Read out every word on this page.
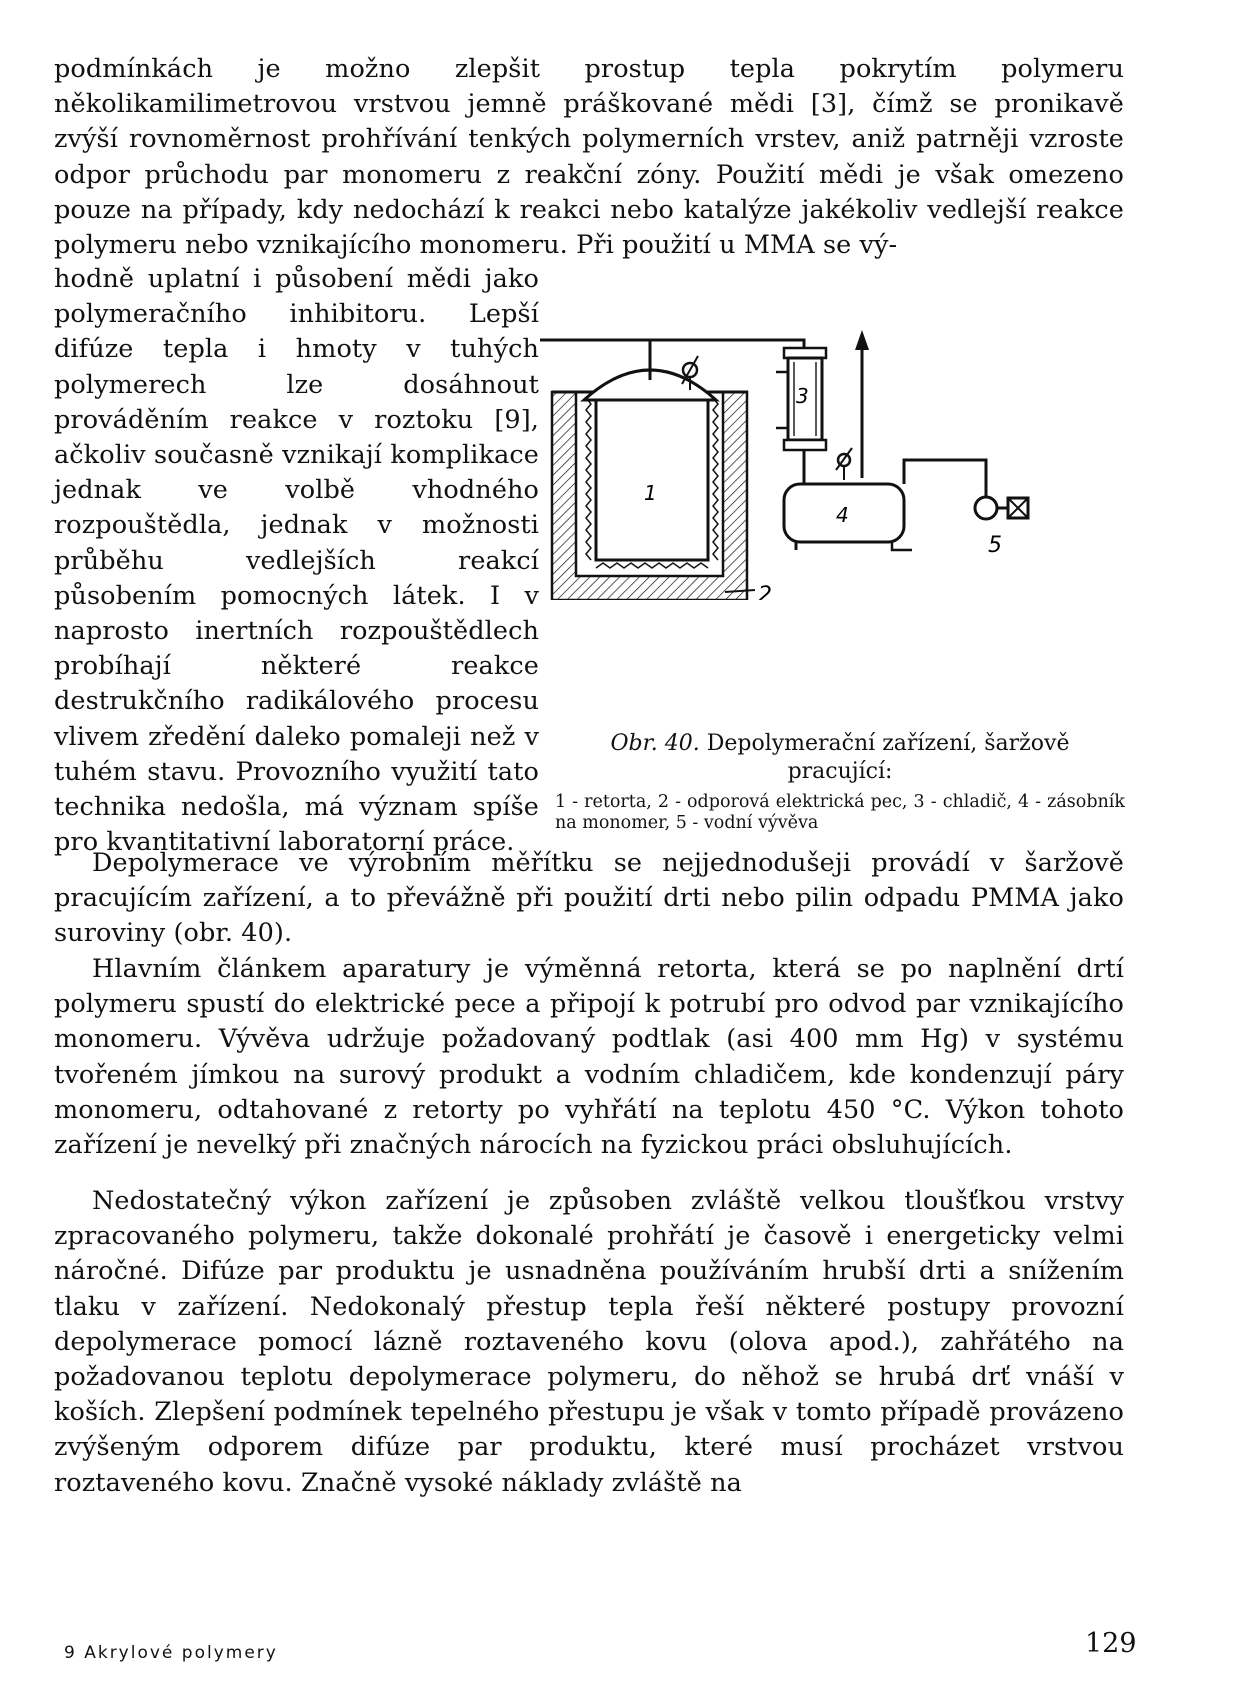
podmínkách je možno zlepšit prostup tepla pokrytím polymeru několikamilimetrovou vrstvou jemně práškované mědi [3], čímž se pronikavě zvýší rovnoměrnost prohřívání tenkých polymerních vrstev, aniž patrněji vzroste odpor průchodu par monomeru z reakční zóny. Použití mědi je však omezeno pouze na případy, kdy nedochází k reakci nebo katalýze jakékoliv vedlejší reakce polymeru nebo vznikajícího monomeru. Při použití u MMA se vý-

hodně uplatní i působení mědi jako polymeračního inhibitoru. Lepší difúze tepla i hmoty v tuhých polymerech lze dosáhnout prováděním reakce v roztoku [9], ačkoliv současně vznikají komplikace jednak ve volbě vhodného rozpouštědla, jednak v možnosti průběhu vedlejších reakcí působením pomocných látek. I v naprosto inertních rozpouštědlech probíhají některé reakce destrukčního radikálového procesu vlivem zředění daleko pomaleji než v tuhém stavu. Provozního využití tato technika nedošla, má význam spíše pro kvantitativní laboratorní práce.

1
2
3
4
5
Obr. 40. Depolymerační zařízení, šaržově pracující:
1 - retorta, 2 - odporová elektrická pec, 3 - chladič, 4 - zásobník na monomer, 5 - vodní vývěva

Depolymerace ve výrobním měřítku se nejjednodušeji provádí v šaržově pracujícím zařízení, a to převážně při použití drti nebo pilin odpadu PMMA jako suroviny (obr. 40).

Hlavním článkem aparatury je výměnná retorta, která se po naplnění drtí polymeru spustí do elektrické pece a připojí k potrubí pro odvod par vznikajícího monomeru. Vývěva udržuje požadovaný podtlak (asi 400 mm Hg) v systému tvořeném jímkou na surový produkt a vodním chladičem, kde kondenzují páry monomeru, odtahované z retorty po vyhřátí na teplotu 450 °C. Výkon tohoto zařízení je nevelký při značných nárocích na fyzickou práci obsluhujících.

Nedostatečný výkon zařízení je způsoben zvláště velkou tloušťkou vrstvy zpracovaného polymeru, takže dokonalé prohřátí je časově i energeticky velmi náročné. Difúze par produktu je usnadněna používáním hrubší drti a snížením tlaku v zařízení. Nedokonalý přestup tepla řeší některé postupy provozní depolymerace pomocí lázně roztaveného kovu (olova apod.), zahřátého na požadovanou teplotu depolymerace polymeru, do něhož se hrubá drť vnáší v koších. Zlepšení podmínek tepelného přestupu je však v tomto případě provázeno zvýšeným odporem difúze par produktu, které musí procházet vrstvou roztaveného kovu. Značně vysoké náklady zvláště na

9 Akrylové polymery	129
